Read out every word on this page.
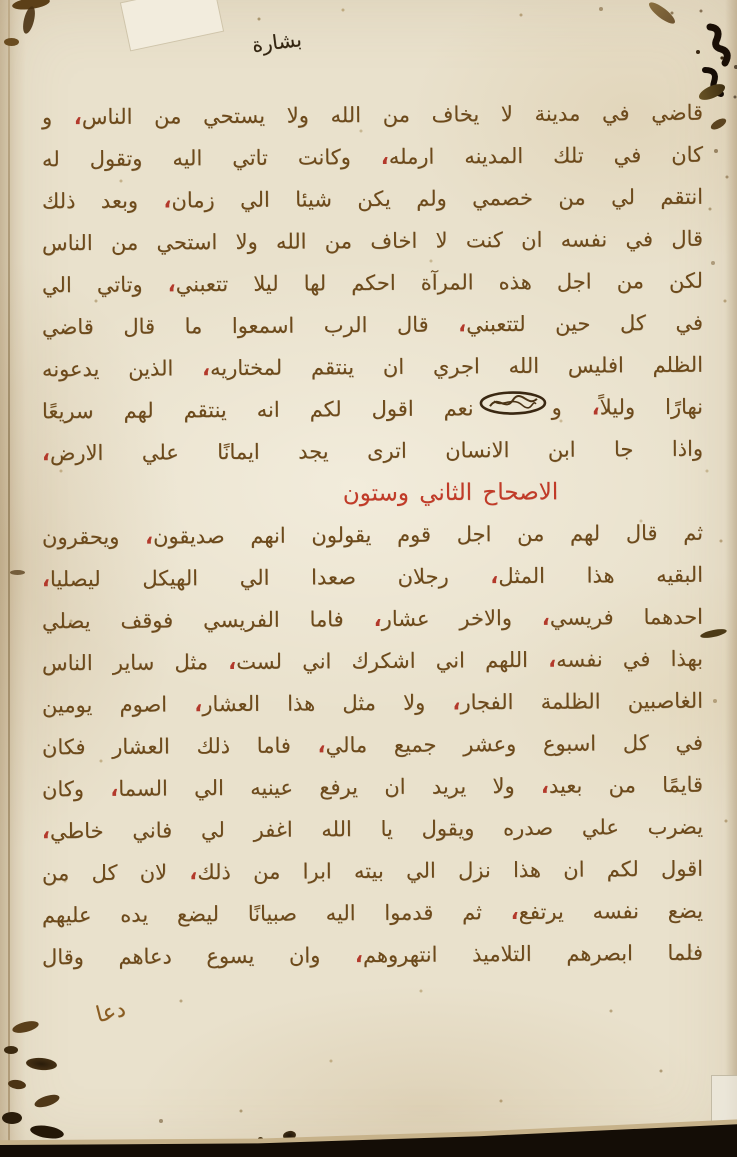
بشارة
قاضي في مدينة لا يخاف من الله ولا يستحي من الناس، و
كان في تلك المدينه ارمله، وكانت تاتي اليه وتقول له
انتقم لي من خصمي ولم يكن شيئا الي زمان، وبعد ذلك
قال في نفسه ان كنت لا اخاف من الله ولا استحي من الناس
لكن من اجل هذه المرآة احكم لها ليلا تتعبني، وتاتي الي
في كل حين لتتعبني، قال الرب اسمعوا ما قال قاضي
الظلم افليس الله اجري ان ينتقم لمختاريه، الذين يدعونه
نهارًا وليلاً، ونعم اقول لكم انه ينتقم لهم سريعًا
واذا جا ابن الانسان اترى يجد ايمانًا علي الارض،
الاصحاح الثاني وستون
ثم قال لهم من اجل قوم يقولون انهم صديقون، ويحقرون
البقيه هذا المثل، رجلان صعدا الي الهيكل ليصليا،
احدهما فريسي، والاخر عشار، فاما الفريسي فوقف يصلي
بهذا في نفسه، اللهم اني اشكرك اني لست، مثل ساير الناس
الغاصبين الظلمة الفجار، ولا مثل هذا العشار، اصوم يومين
في كل اسبوع وعشر جميع مالي، فاما ذلك العشار فكان
قايمًا من بعيد، ولا يريد ان يرفع عينيه الي السما، وكان
يضرب علي صدره ويقول يا الله اغفر لي فاني خاطي،
اقول لكم ان هذا نزل الي بيته ابرا من ذلك، لان كل من
يضع نفسه يرتفع، ثم قدموا اليه صبيانًا ليضع يده عليهم
فلما ابصرهم التلاميذ انتهروهم، وان يسوع دعاهم وقال
دعا
